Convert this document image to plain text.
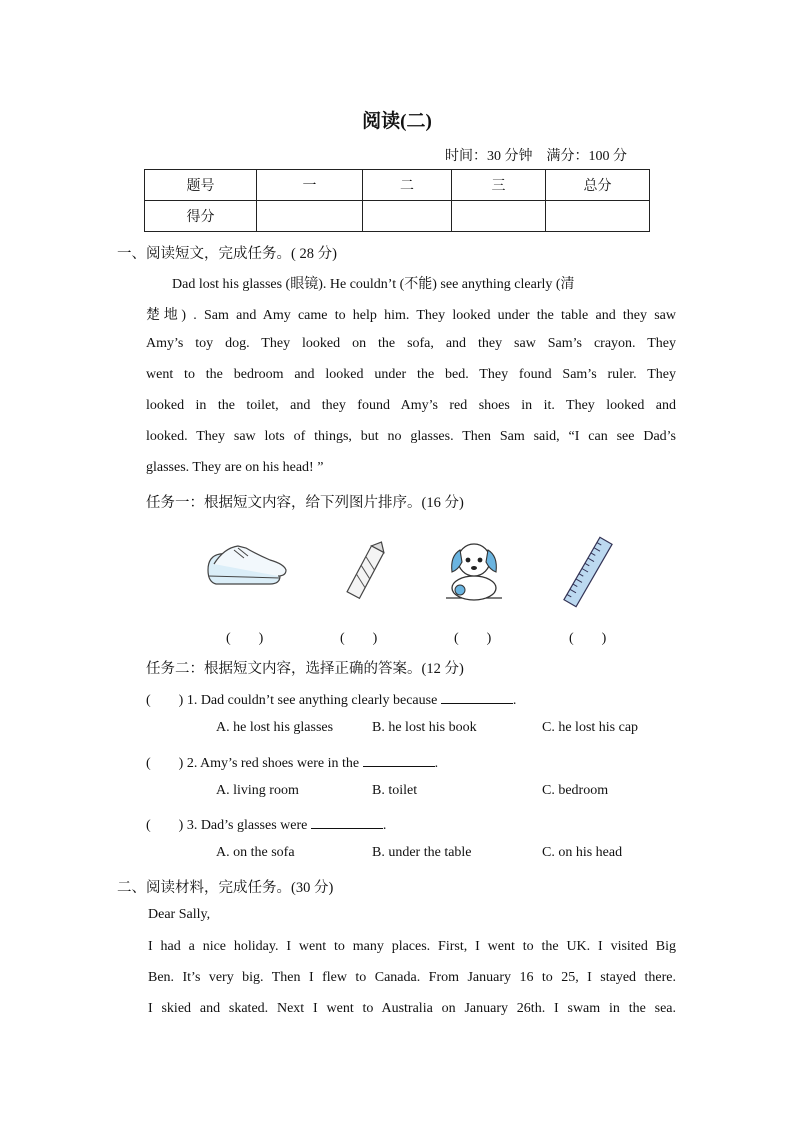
阅读(二)
时间：30 分钟　满分：100 分
题号	一	二	三	总分
得分				
一、阅读短文，完成任务。( 28 分)
Dad lost his glasses (眼镜). He couldn’t (不能) see anything clearly (清
楚地) . Sam and Amy came to help him. They looked under the table and they saw
Amy’s toy dog. They looked on the sofa, and they saw Sam’s crayon. They
went to the bedroom and looked under the bed. They found Sam’s ruler. They
looked in the toilet, and they found Amy’s red shoes in it. They looked and
looked. They saw lots of things, but no glasses. Then Sam said, “I can see Dad’s
glasses. They are on his head! ”
任务一：根据短文内容，给下列图片排序。(16 分)
(　　)	(　　)	(　　)	(　　)
任务二：根据短文内容，选择正确的答案。(12 分)
(　　) 1. Dad couldn’t see anything clearly because	.
A. he lost his glasses	B. he lost his book	C. he lost his cap
(　　) 2. Amy’s red shoes were in the	.
A. living room	B. toilet	C. bedroom
(　　) 3. Dad’s glasses were	.
A. on the sofa	B. under the table	C. on his head
二、阅读材料，完成任务。(30 分)
Dear Sally,
I had a nice holiday. I went to many places. First, I went to the UK. I visited Big
Ben. It’s very big. Then I flew to Canada. From January 16 to 25, I stayed there.
I skied and skated. Next I went to Australia on January 26th. I swam in the sea.
